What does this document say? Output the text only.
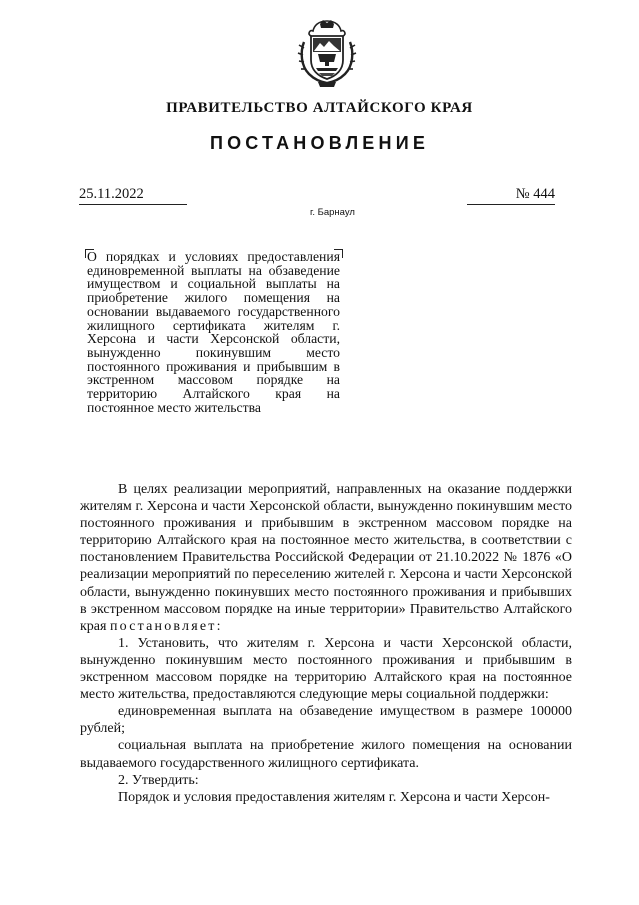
ПРАВИТЕЛЬСТВО АЛТАЙСКОГО КРАЯ
ПОСТАНОВЛЕНИЕ
25.11.2022	№ 444
г. Барнаул
О порядках и условиях предоставления единовременной выплаты на обзаведение имуществом и социальной выплаты на приобретение жилого помещения на основании выдаваемого государственного жилищного сертификата жителям г. Херсона и части Херсонской области, вынужденно покинувшим место постоянного проживания и прибывшим в экстренном массовом порядке на территорию Алтайского края на постоянное место жительства

В целях реализации мероприятий, направленных на оказание поддержки жителям г. Херсона и части Херсонской области, вынужденно покинувшим место постоянного проживания и прибывшим в экстренном массовом порядке на территорию Алтайского края на постоянное место жительства, в соответствии с постановлением Правительства Российской Федерации от 21.10.2022 № 1876 «О реализации мероприятий по переселению жителей г. Херсона и части Херсонской области, вынужденно покинувших место постоянного проживания и прибывших в экстренном массовом порядке на иные территории» Правительство Алтайского края постановляет:

1. Установить, что жителям г. Херсона и части Херсонской области, вынужденно покинувшим место постоянного проживания и прибывшим в экстренном массовом порядке на территорию Алтайского края на постоянное место жительства, предоставляются следующие меры социальной поддержки:

единовременная выплата на обзаведение имуществом в размере 100000 рублей;

социальная выплата на приобретение жилого помещения на основании выдаваемого государственного жилищного сертификата.

2. Утвердить:

Порядок и условия предоставления жителям г. Херсона и части Херсон-
